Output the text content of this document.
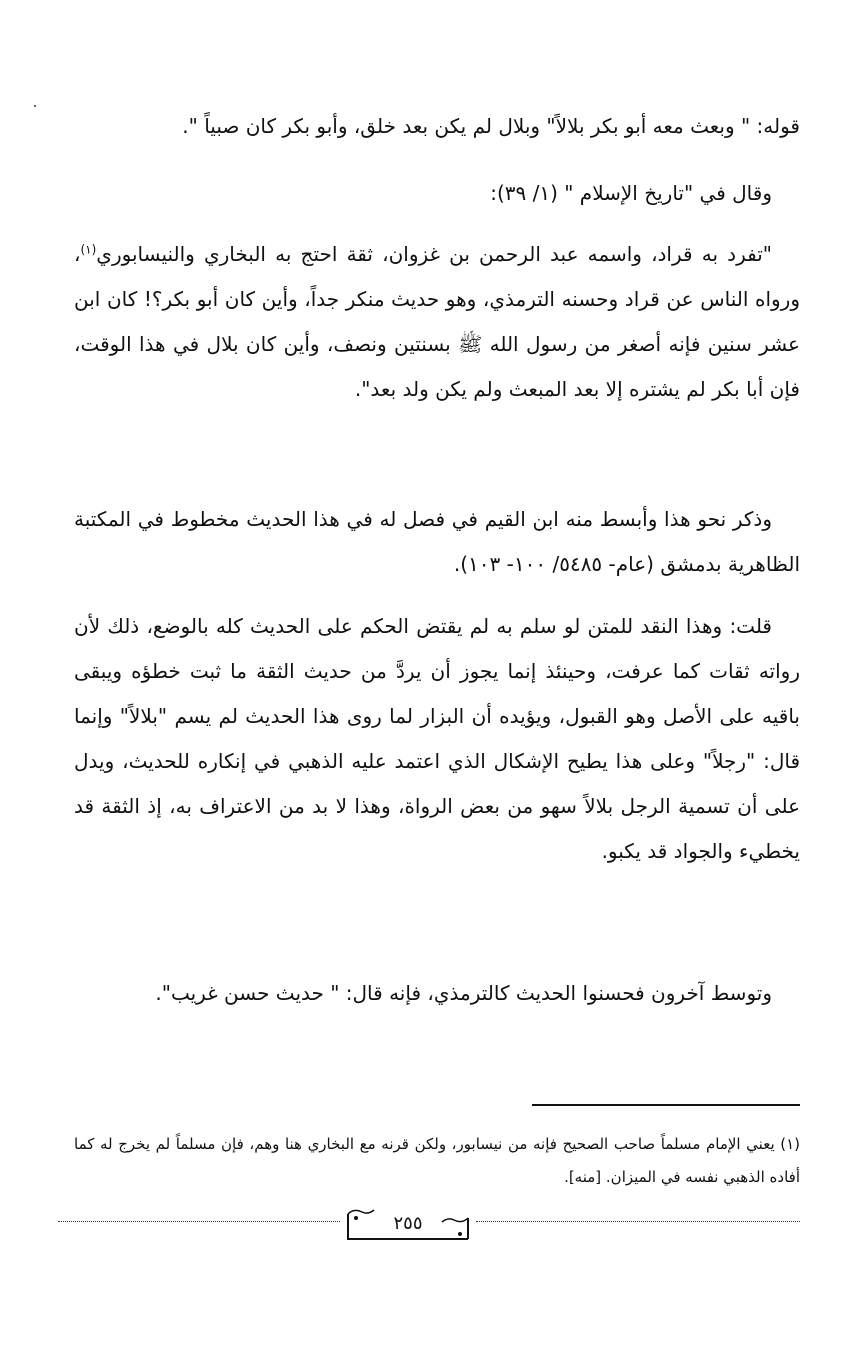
قوله: " وبعث معه أبو بكر بلالاً" وبلال لم يكن بعد خلق، وأبو بكر كان صبياً ".

وقال في "تاريخ الإسلام " (١/ ٣٩):

"تفرد به قراد، واسمه عبد الرحمن بن غزوان، ثقة احتج به البخاري والنيسابوري$^{(١)}$، ورواه الناس عن قراد وحسنه الترمذي، وهو حديث منكر جداً، وأين كان أبو بكر؟! كان ابن عشر سنين فإنه أصغر من رسول الله ﷺ بسنتين ونصف، وأين كان بلال في هذا الوقت، فإن أبا بكر لم يشتره إلا بعد المبعث ولم يكن ولد بعد".

وذكر نحو هذا وأبسط منه ابن القيم في فصل له في هذا الحديث مخطوط في المكتبة الظاهرية بدمشق (عام- ٥٤٨٥/ ١٠٠- ١٠٣).

قلت: وهذا النقد للمتن لو سلم به لم يقتض الحكم على الحديث كله بالوضع، ذلك لأن رواته ثقات كما عرفت، وحينئذ إنما يجوز أن يردَّ من حديث الثقة ما ثبت خطؤه ويبقى باقيه على الأصل وهو القبول، ويؤيده أن البزار لما روى هذا الحديث لم يسم "بلالاً" وإنما قال: "رجلاً" وعلى هذا يطيح الإشكال الذي اعتمد عليه الذهبي في إنكاره للحديث، ويدل على أن تسمية الرجل بلالاً سهو من بعض الرواة، وهذا لا بد من الاعتراف به، إذ الثقة قد يخطيء والجواد قد يكبو.

وتوسط آخرون فحسنوا الحديث كالترمذي، فإنه قال: " حديث حسن غريب".

(١) يعني الإمام مسلماً صاحب الصحيح فإنه من نيسابور، ولكن قرنه مع البخاري هنا وهم، فإن مسلماً لم يخرج له كما أفاده الذهبي نفسه في الميزان. [منه].

٢٥٥
